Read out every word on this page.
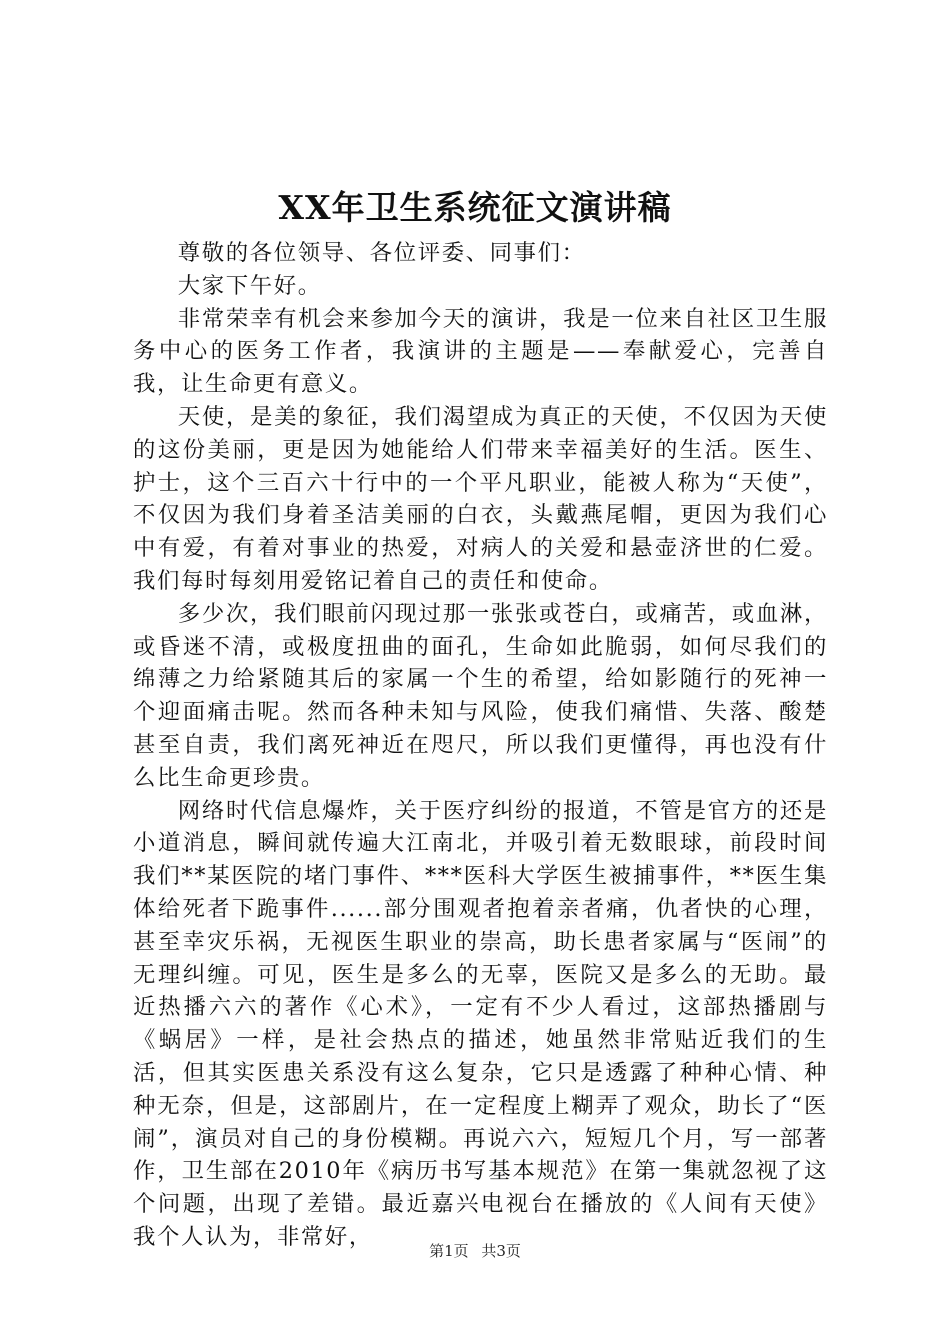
XX年卫生系统征文演讲稿

尊敬的各位领导、各位评委、同事们：

大家下午好。

非常荣幸有机会来参加今天的演讲，我是一位来自社区卫生服务中心的医务工作者，我演讲的主题是——奉献爱心，完善自我，让生命更有意义。

天使，是美的象征，我们渴望成为真正的天使，不仅因为天使的这份美丽，更是因为她能给人们带来幸福美好的生活。医生、护士，这个三百六十行中的一个平凡职业，能被人称为“天使”，不仅因为我们身着圣洁美丽的白衣，头戴燕尾帽，更因为我们心中有爱，有着对事业的热爱，对病人的关爱和悬壶济世的仁爱。我们每时每刻用爱铭记着自己的责任和使命。

多少次，我们眼前闪现过那一张张或苍白，或痛苦，或血淋，或昏迷不清，或极度扭曲的面孔，生命如此脆弱，如何尽我们的绵薄之力给紧随其后的家属一个生的希望，给如影随行的死神一个迎面痛击呢。然而各种未知与风险，使我们痛惜、失落、酸楚甚至自责，我们离死神近在咫尺，所以我们更懂得，再也没有什么比生命更珍贵。

网络时代信息爆炸，关于医疗纠纷的报道，不管是官方的还是小道消息，瞬间就传遍大江南北，并吸引着无数眼球，前段时间我们**某医院的堵门事件、***医科大学医生被捕事件，**医生集体给死者下跪事件......部分围观者抱着亲者痛，仇者快的心理，甚至幸灾乐祸，无视医生职业的崇高，助长患者家属与“医闹”的无理纠缠。可见，医生是多么的无辜，医院又是多么的无助。最近热播六六的著作《心术》，一定有不少人看过，这部热播剧与《蜗居》一样，是社会热点的描述，她虽然非常贴近我们的生活，但其实医患关系没有这么复杂，它只是透露了种种心情、种种无奈，但是，这部剧片，在一定程度上糊弄了观众，助长了“医闹”，演员对自己的身份模糊。再说六六，短短几个月，写一部著作，卫生部在2010年《病历书写基本规范》在第一集就忽视了这个问题，出现了差错。最近嘉兴电视台在播放的《人间有天使》我个人认为，非常好，

第1页 共3页
